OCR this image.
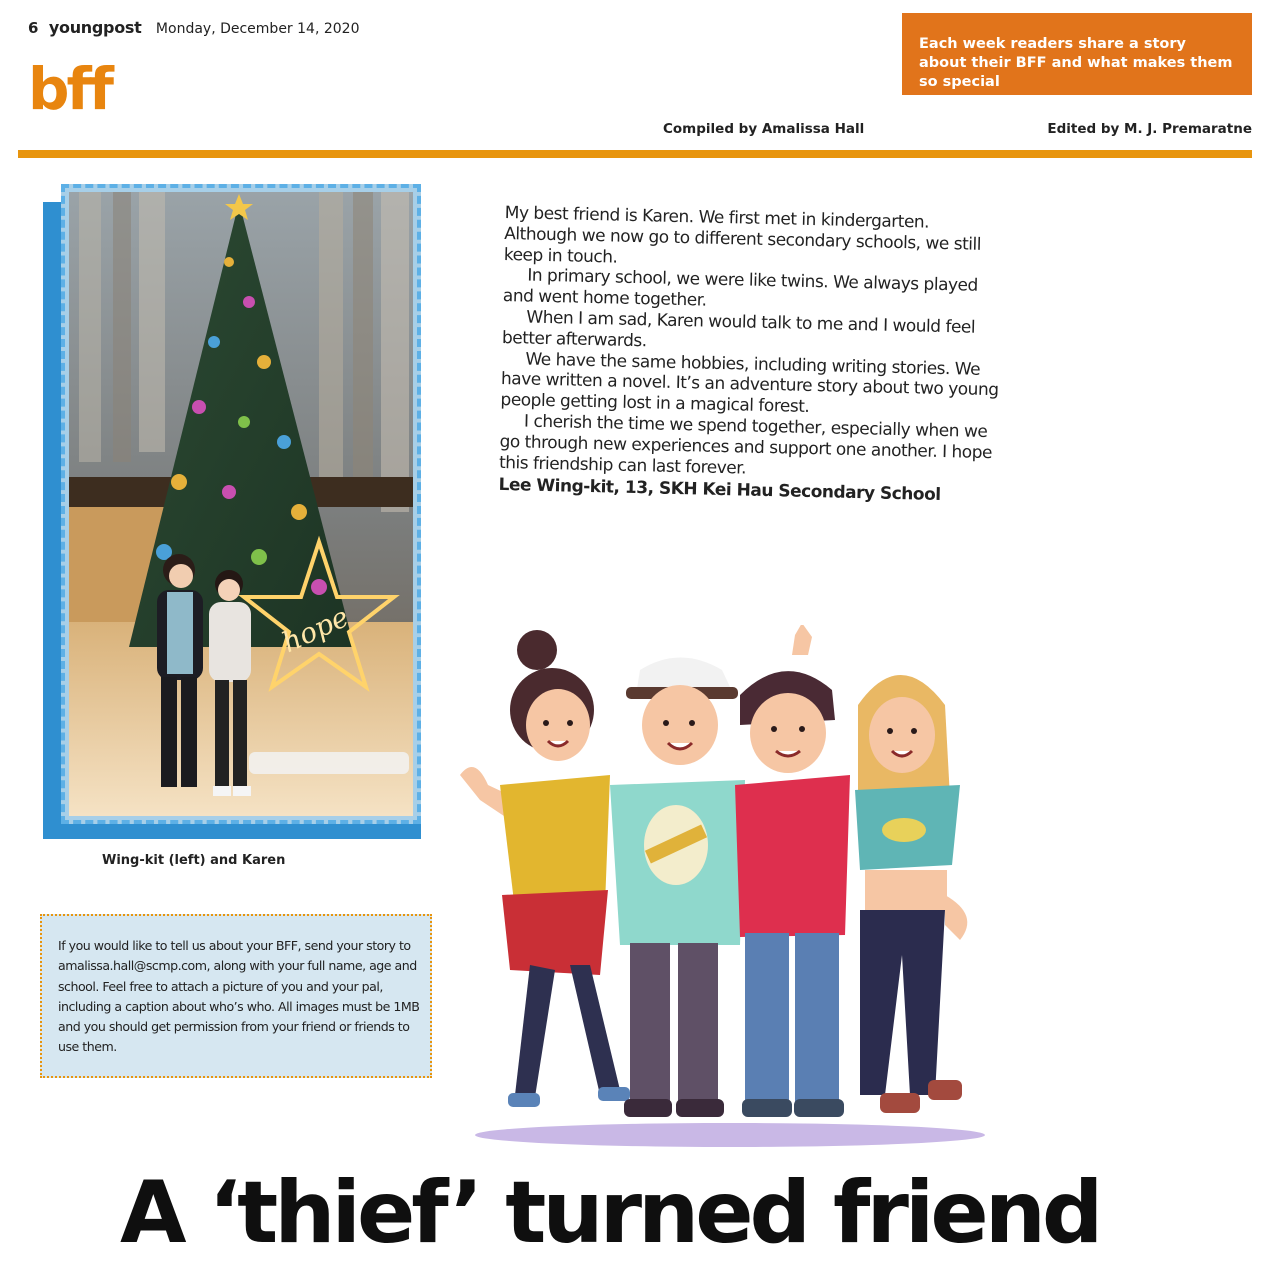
6 youngpost Monday, December 14, 2020
bff
Each week readers share a story about their BFF and what makes them so special
Compiled by Amalissa Hall	Edited by M. J. Premaratne
hope
Wing-kit (left) and Karen

My best friend is Karen. We first met in kindergarten. Although we now go to different secondary schools, we still keep in touch.

In primary school, we were like twins. We always played and went home together.

When I am sad, Karen would talk to me and I would feel better afterwards.

We have the same hobbies, including writing stories. We have written a novel. It’s an adventure story about two young people getting lost in a magical forest.

I cherish the time we spend together, especially when we go through new experiences and support one another. I hope this friendship can last forever.

Lee Wing-kit, 13, SKH Kei Hau Secondary School

If you would like to tell us about your BFF, send your story to amalissa.hall@scmp.com, along with your full name, age and school. Feel free to attach a picture of you and your pal, including a caption about who’s who. All images must be 1MB and you should get permission from your friend or friends to use them.
A ‘thief’ turned friend
